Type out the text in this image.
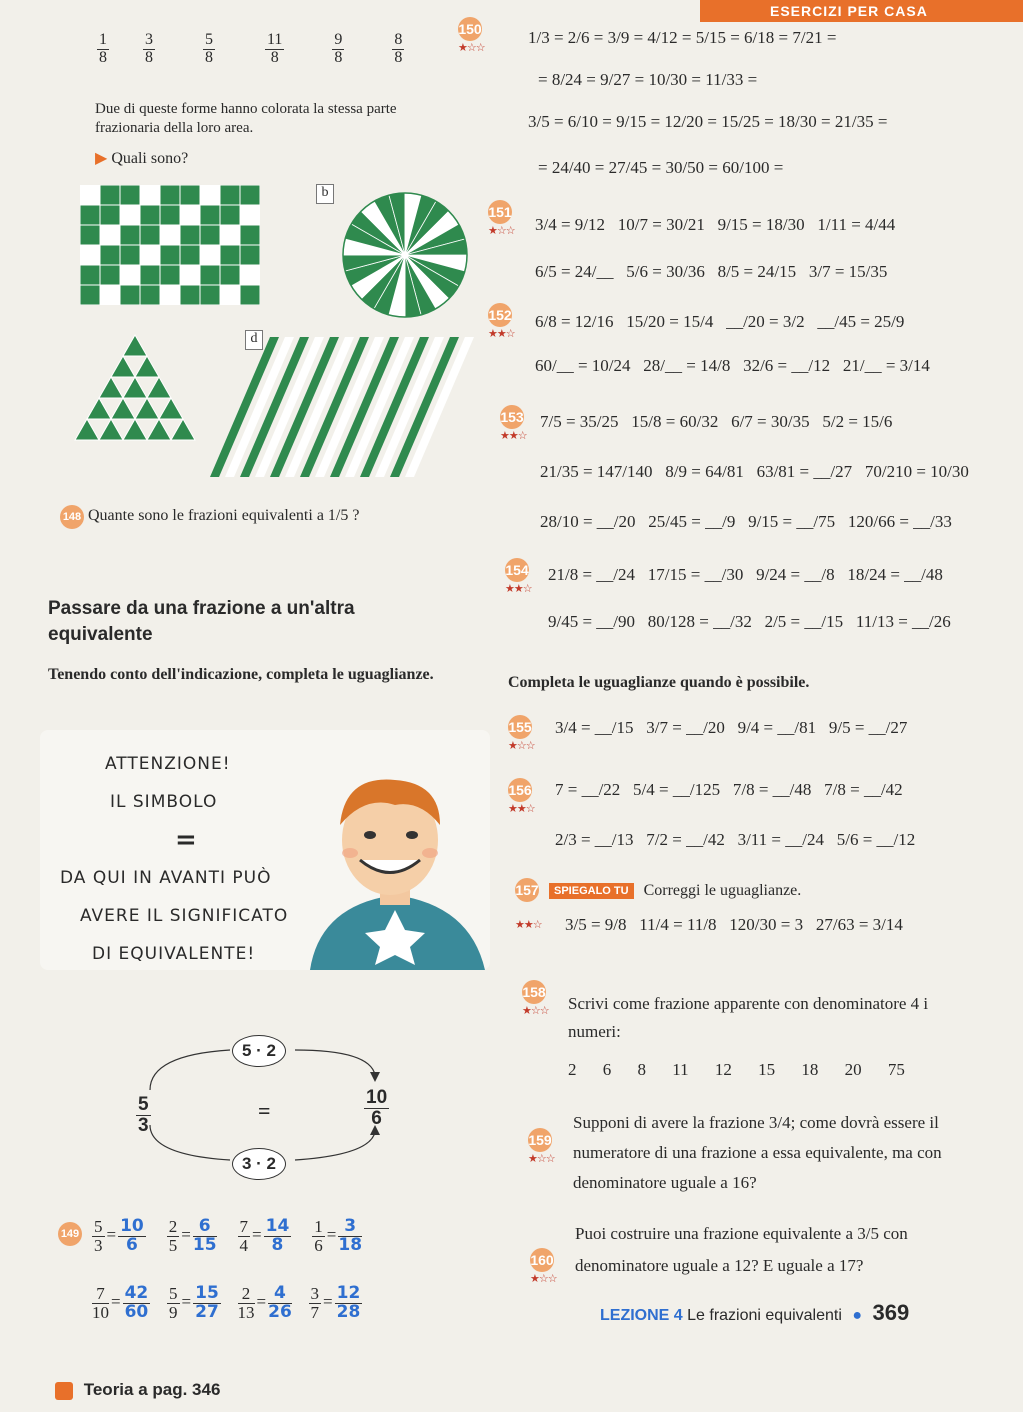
ESERCIZI PER CASA
$\frac{1}{8}$
$\frac{3}{8}$
	$\frac{5}{8}$
	$\frac{11}{8}$
	$\frac{9}{8}$
	$\frac{8}{8}$
Due di queste forme hanno colorata la stessa parte frazionaria della loro area.
▶ Quali sono?
b
d
148 Quante sono le frazioni equivalenti a 1/5 ?
Passare da una frazione a un'altra equivalente
Tenendo conto dell'indicazione, completa le uguaglianze.
ATTENZIONE!
IL SIMBOLO
=
DA QUI IN AVANTI PUÒ
AVERE IL SIGNIFICATO
DI EQUIVALENTE!
5 · 2
3 · 2
$\frac{5}{3}$	=	$\frac{10}{6}$
$149 \frac{5}{3} = \frac{10}{6}$
$\frac{2}{5} = \frac{6}{15}$
$\frac{7}{4} = \frac{14}{8}$
$\frac{1}{6} = \frac{3}{18}$
$\frac{7}{10} = \frac{42}{60}$
$\frac{5}{9} = \frac{15}{27}$
$\frac{2}{13} = \frac{4}{26}$
$\frac{3}{7} = \frac{12}{28}$
Teoria a pag. 346
150
★☆☆
1/3 = 2/6 = 3/9 = 4/12 = 5/15 = 6/18 = 7/21 =
= 8/24 = 9/27 = 10/30 = 11/33 =
3/5 = 6/10 = 9/15 = 12/20 = 15/25 = 18/30 = 21/35 =
= 24/40 = 27/45 = 30/50 = 60/100 =
151
★☆☆ 3/4 = 9/12   10/7 = 30/21   9/15 = 18/30   1/11 = 4/44
6/5 = 24/__   5/6 = 30/36   8/5 = 24/15   3/7 = 15/35
152
★★☆
6/8 = 12/16   15/20 = 15/4   __/20 = 3/2   __/45 = 25/9
60/__ = 10/24   28/__ = 14/8   32/6 = __/12   21/__ = 3/14
153
★★☆
7/5 = 35/25   15/8 = 60/32   6/7 = 30/35   5/2 = 15/6
21/35 = 147/140   8/9 = 64/81   63/81 = __/27   70/210 = 10/30
28/10 = __/20   25/45 = __/9   9/15 = __/75   120/66 = __/33
154
★★☆
21/8 = __/24   17/15 = __/30   9/24 = __/8   18/24 = __/48
9/45 = __/90   80/128 = __/32   2/5 = __/15   11/13 = __/26
Completa le uguaglianze quando è possibile.
155
★☆☆
3/4 = __/15   3/7 = __/20   9/4 = __/81   9/5 = __/27
156
★★☆
7 = __/22   5/4 = __/125   7/8 = __/48   7/8 = __/42
2/3 = __/13   7/2 = __/42   3/11 = __/24   5/6 = __/12
157 SPIEGALO TU Correggi le uguaglianze.
★★☆ 3/5 = 9/8   11/4 = 11/8   120/30 = 3   27/63 = 3/14
158
★☆☆ Scrivi come frazione apparente con denominatore 4 i numeri:
2 6 8 11 12 15 18 20 75
159
★☆☆
Supponi di avere la frazione 3/4; come dovrà essere il numeratore di una frazione a essa equivalente, ma con denominatore uguale a 16?
160
★☆☆
Puoi costruire una frazione equivalente a 3/5 con denominatore uguale a 12? E uguale a 17?
LEZIONE 4 Le frazioni equivalenti ● 369
